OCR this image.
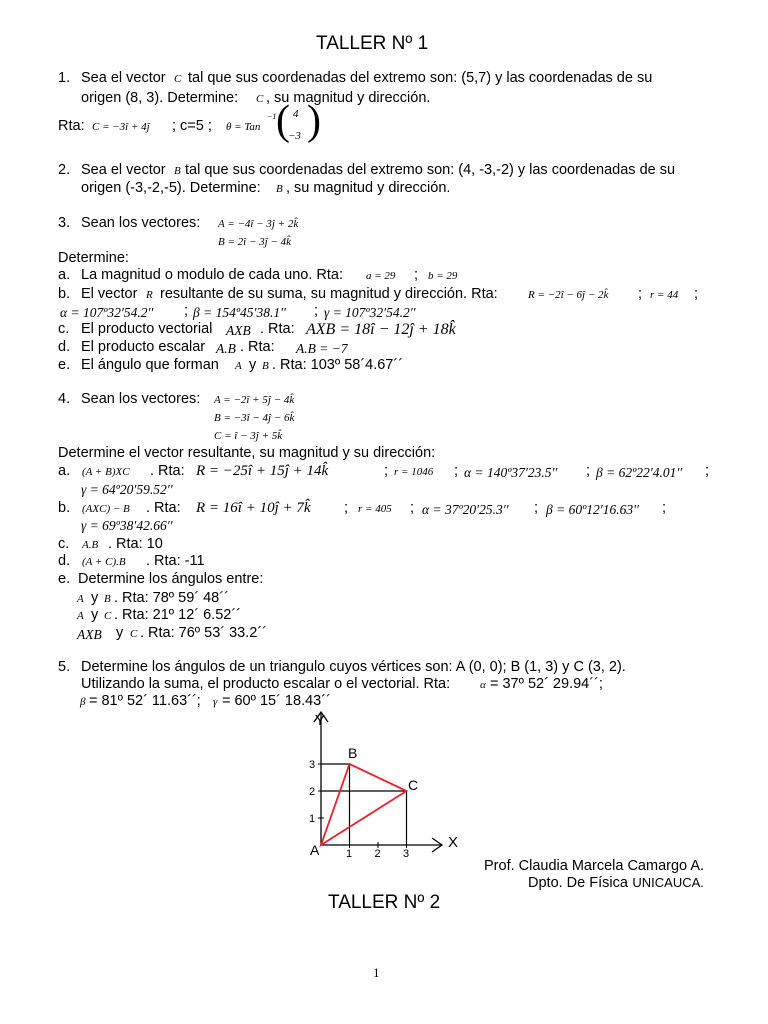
TALLER Nº 1
1. Sea el vector C tal que sus coordenadas del extremo son: (5,7) y las coordenadas de su
origen (8, 3). Determine: C , su magnitud y dirección.
Rta: C = −3î + 4ĵ ; c=5 ; θ = Tan
−1 ( 4
−3 )
2. Sea el vector B tal que sus coordenadas del extremo son: (4, -3,-2) y las coordenadas de su
origen (-3,-2,-5). Determine: B , su magnitud y dirección.
3. Sean los vectores: A = −4î − 3ĵ + 2k̂
B = 2î − 3ĵ − 4k̂
Determine:
a. La magnitud o modulo de cada uno. Rta: a = 29 ; b = 29
b. El vector R resultante de su suma, su magnitud y dirección. Rta:	R = −2î − 6ĵ − 2k̂ ; r = 44 ;
α = 107º32′54.2′′ ; β = 154º45′38.1′′ ; γ = 107º32′54.2′′
c. El producto vectorial AXB . Rta: AXB = 18î − 12ĵ + 18k̂
d. El producto escalar A.B . Rta: A.B = −7
e. El ángulo que forman A y B . Rta: 103º 58´4.67´´
4. Sean los vectores: A = −2î + 5ĵ − 4k̂
B = −3î − 4ĵ − 6k̂
C = î − 3ĵ + 5k̂
Determine el vector resultante, su magnitud y su dirección:
a. (A + B)XC . Rta: R = −25î + 15ĵ + 14k̂	; r = 1046 ; α = 140º37′23.5′′ ; β = 62º22′4.01′′ ;
γ = 64º20′59.52′′
b. (AXC) − B . Rta: R = 16î + 10ĵ + 7k̂ ; r = 405 ; α = 37º20′25.3′′ ; β = 60º12′16.63′′ ;
γ = 69º38′42.66′′
c. A.B . Rta: 10
d. (A + C).B . Rta: -11
e. Determine los ángulos entre:
A y B . Rta: 78º 59´ 48´´
A y C . Rta: 21º 12´ 6.52´´
AXB y C . Rta: 76º 53´ 33.2´´
5. Determine los ángulos de un triangulo cuyos vértices son: A (0, 0); B (1, 3) y C (3, 2).
Utilizando la suma, el producto escalar o el vectorial. Rta:	α = 37º 52´ 29.94´´;
β = 81º 52´ 11.63´´; γ = 60º 15´ 18.43´´
Y
X
A
B
C
1
1
2
2
3
3
Prof. Claudia Marcela Camargo A.
Dpto. De Física UNICAUCA.
TALLER Nº 2
1
